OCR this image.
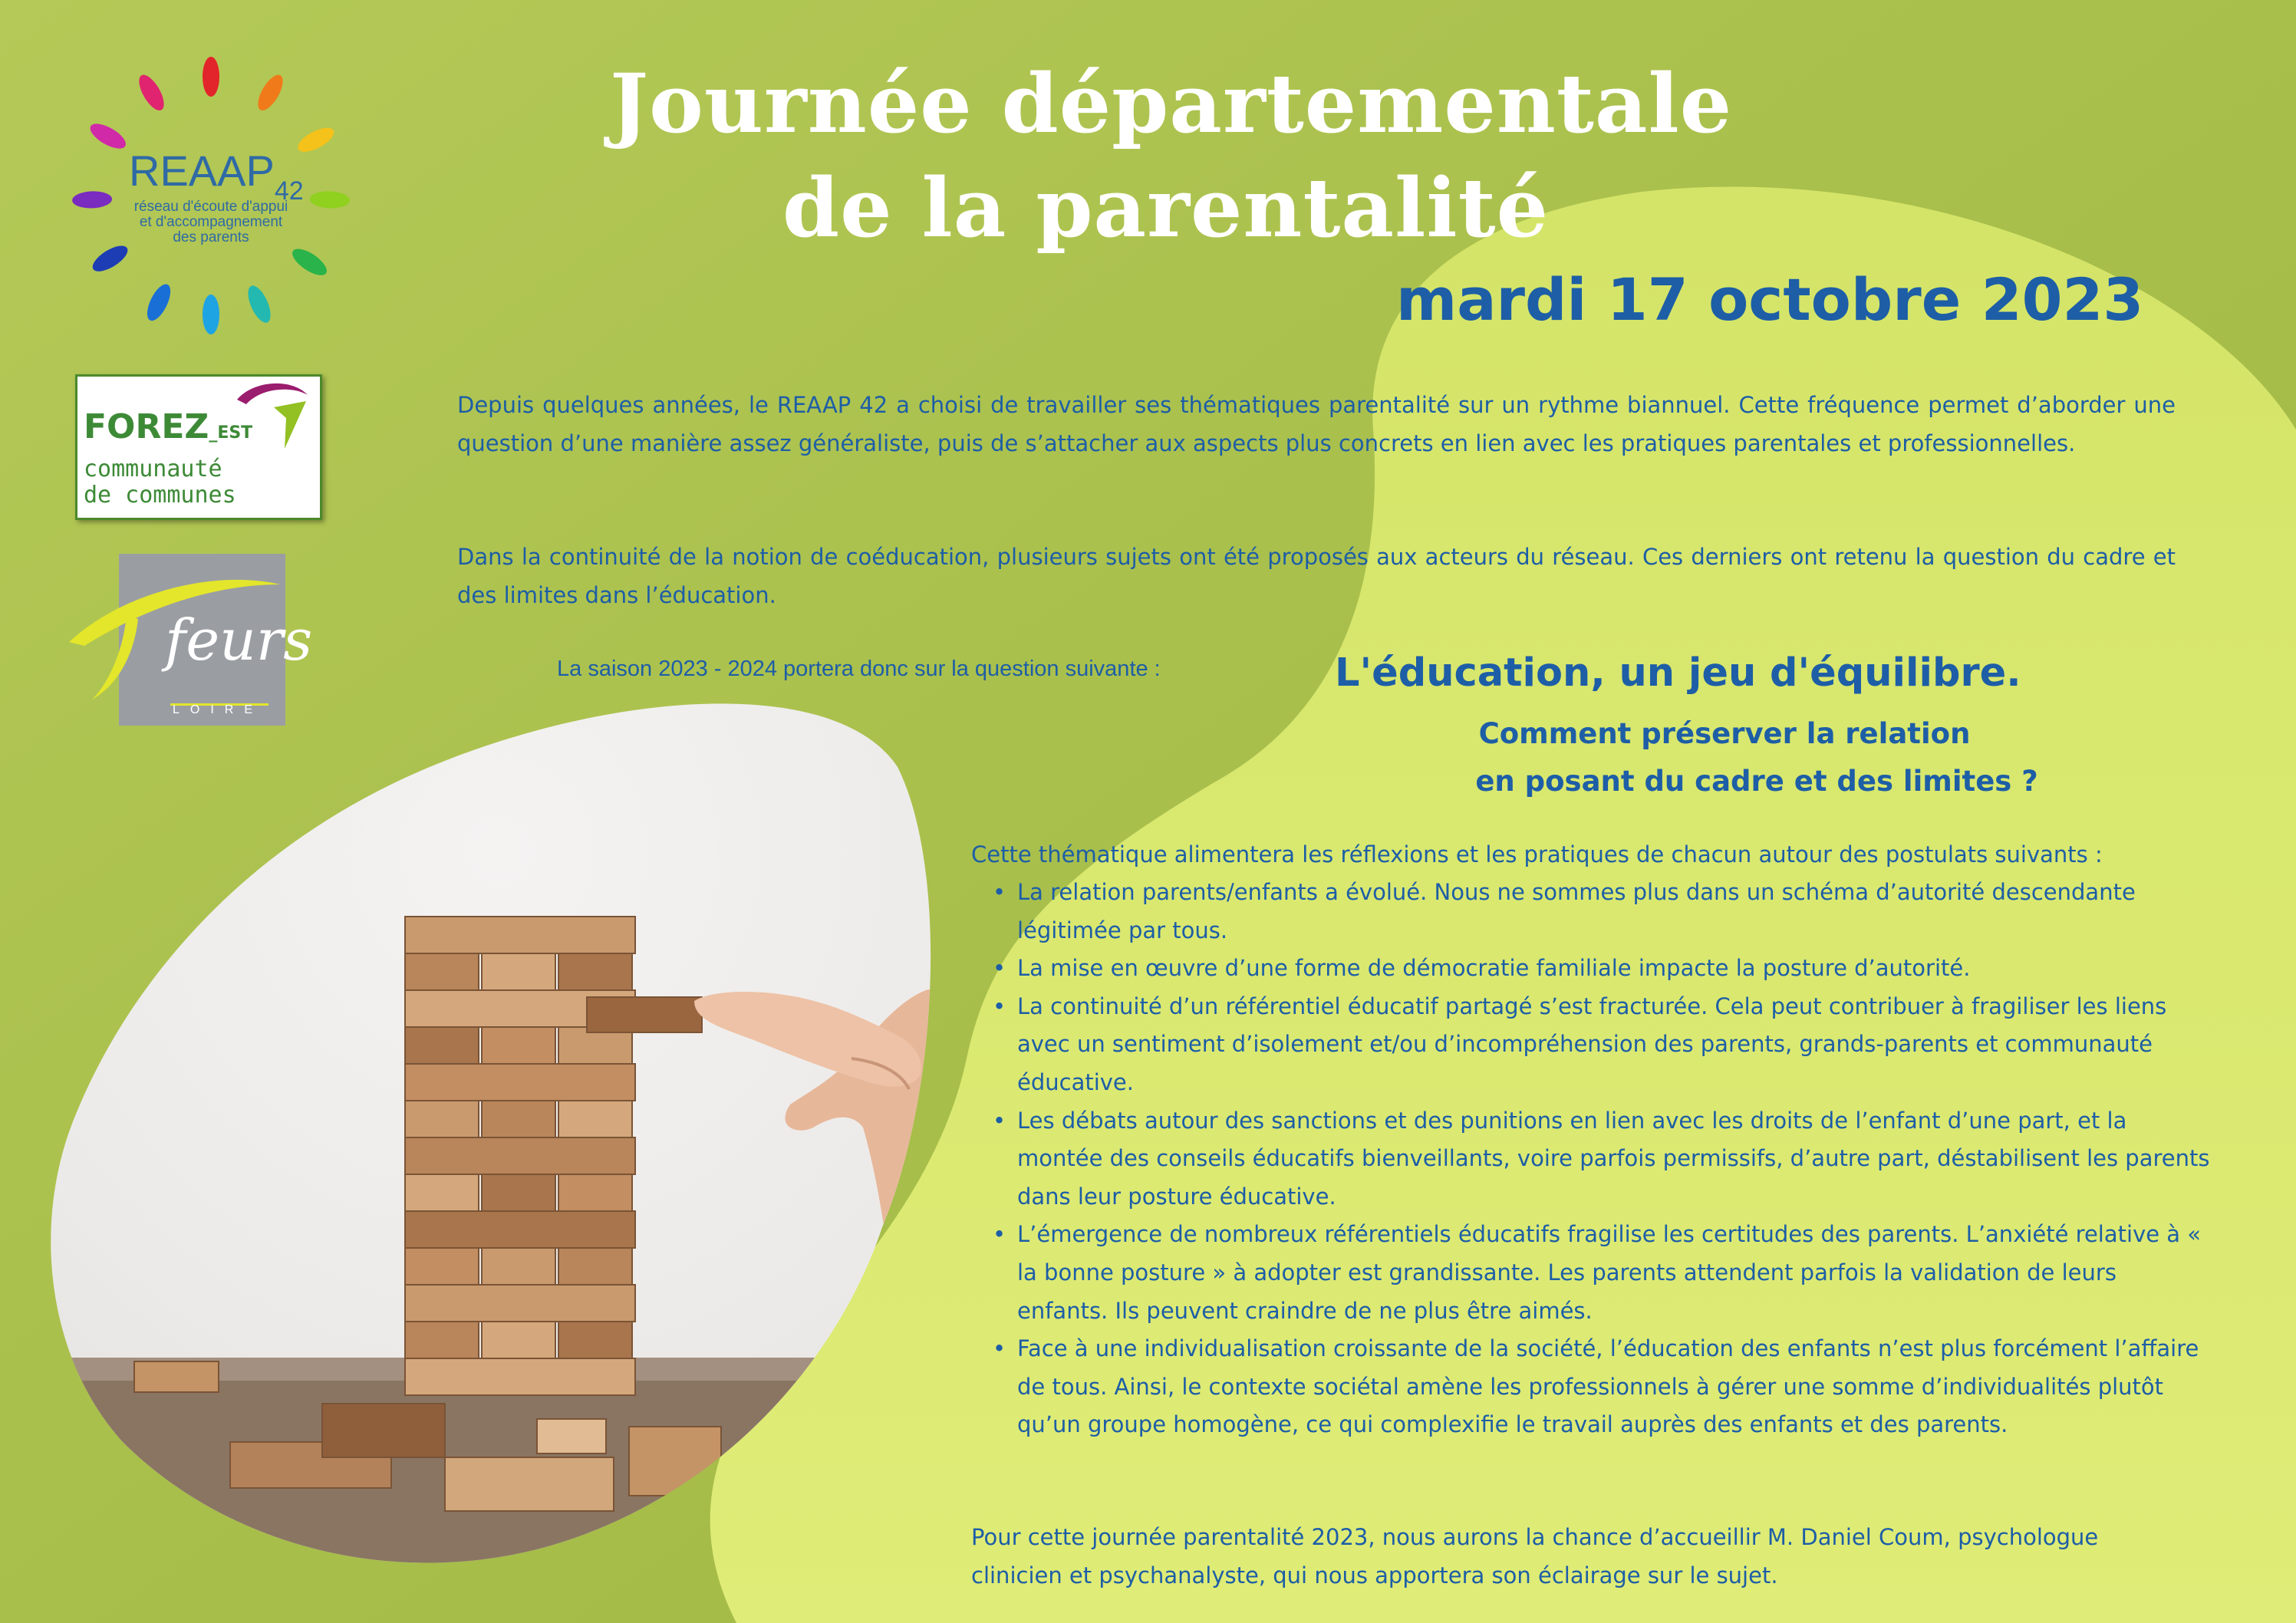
$REAAP_{42}$
réseau d'écoute d'appui
et d'accompagnement
des parents
FOREZ_EST
communauté
de communes
feurs
LOIRE
Journée départementale
de la parentalité
mardi 17 octobre 2023

Depuis quelques années, le REAAP 42 a choisi de travailler ses thématiques parentalité sur un rythme biannuel. Cette fréquence permet d’aborder une question d’une manière assez généraliste, puis de s’attacher aux aspects plus concrets en lien avec les pratiques parentales et professionnelles.

Dans la continuité de la notion de coéducation, plusieurs sujets ont été proposés aux acteurs du réseau. Ces derniers ont retenu la question du cadre et des limites dans l’éducation.

La saison 2023 - 2024 portera donc sur la question suivante :	L'éducation, un jeu d'équilibre.
Comment préserver la relation
en posant du cadre et des limites ?

Cette thématique alimentera les réflexions et les pratiques de chacun autour des postulats suivants :

• La relation parents/enfants a évolué. Nous ne sommes plus dans un schéma d’autorité descendante légitimée par tous.
• La mise en œuvre d’une forme de démocratie familiale impacte la posture d’autorité.
• La continuité d’un référentiel éducatif partagé s’est fracturée. Cela peut contribuer à fragiliser les liens avec un sentiment d’isolement et/ou d’incompréhension des parents, grands-parents et communauté éducative.
• Les débats autour des sanctions et des punitions en lien avec les droits de l’enfant d’une part, et la montée des conseils éducatifs bienveillants, voire parfois permissifs, d’autre part, déstabilisent les parents dans leur posture éducative.
• L’émergence de nombreux référentiels éducatifs fragilise les certitudes des parents. L’anxiété relative à « la bonne posture » à adopter est grandissante. Les parents attendent parfois la validation de leurs enfants. Ils peuvent craindre de ne plus être aimés.
• Face à une individualisation croissante de la société, l’éducation des enfants n’est plus forcément l’affaire de tous. Ainsi, le contexte sociétal amène les professionnels à gérer une somme d’individualités plutôt qu’un groupe homogène, ce qui complexifie le travail auprès des enfants et des parents.

Pour cette journée parentalité 2023, nous aurons la chance d’accueillir M. Daniel Coum, psychologue clinicien et psychanalyste, qui nous apportera son éclairage sur le sujet.
